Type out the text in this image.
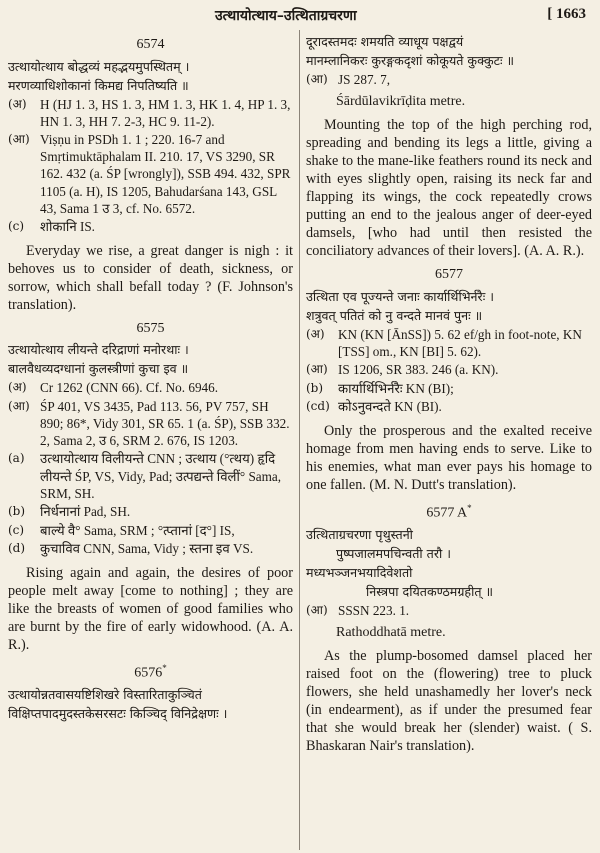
उत्थायोत्थाय–उत्थिताग्रचरणा	[ 1663
6574
उत्थायोत्थाय बोद्धव्यं महद्भयमुपस्थितम् ।
मरणव्याधिशोकानां किमद्य निपतिष्यति ॥
(अ)	H (HJ 1. 3, HS 1. 3, HM 1. 3, HK 1. 4, HP 1. 3, HN 1. 3, HH 7. 2-3, HC 9. 11-2).
(आ) Viṣṇu in PSDh 1. 1 ; 220. 16-7 and Smṛtimuktāphalam II. 210. 17, VS 3290, SR 162. 432 (a. ŚP [wrongly]), SSB 494. 432, SPR 1105 (a. H), IS 1205, Bahudarśana 143, GSL 43, Sama 1 उ 3, cf. No. 6572.
(c)	शोकानि IS.

Everyday we rise, a great danger is nigh : it behoves us to consider of death, sickness, or sorrow, which shall befall today ? (F. Johnson's translation).

6575
उत्थायोत्थाय लीयन्ते दरिद्राणां मनोरथाः ।
बालवैधव्यदग्धानां कुलस्त्रीणां कुचा इव ॥
(अ)	Cr 1262 (CNN 66). Cf. No. 6946.
(आ) ŚP 401, VS 3435, Pad 113. 56, PV 757, SH 890; 86*, Vidy 301, SR 65. 1 (a. ŚP), SSB 332. 2, Sama 2, उ 6, SRM 2. 676, IS 1203.
(a)	उत्थायोत्थाय विलीयन्ते CNN ; उत्थाय (°त्थय) हृदि लीयन्ते ŚP, VS, Vidy, Pad; उत्पद्यन्ते विलीं° Sama, SRM, SH.
(b)	निर्धनानां Pad, SH.
(c)	बाल्ये वै° Sama, SRM ; °त्प्तानां [द°] IS,
(d)	कुचाविव CNN, Sama, Vidy ; स्तना इव VS.

Rising again and again, the desires of poor people melt away [come to nothing] ; they are like the breasts of women of good families who are burnt by the fire of early widowhood. (A. A. R.).

6576*
उत्थायोन्नतवासयष्टिशिखरे विस्तारिताकुञ्चितं
विक्षिप्तपादमुदस्तकेसरसटः किञ्चिद् विनिद्रेक्षणः ।
दूरादस्तमदः शमयति व्याधूय पक्षद्वयं
मानम्लानिकरः कुरङ्गकदृशां कोकूयते कुक्कुटः ॥
(आ) JS 287. 7,
Śārdūlavikrīḍita metre.

Mounting the top of the high perching rod, spreading and bending its legs a little, giving a shake to the mane-like feathers round its neck and with eyes slightly open, raising its neck far and flapping its wings, the cock repeatedly crows putting an end to the jealous anger of deer-eyed damsels, [who had until then resisted the conciliatory advances of their lovers]. (A. A. R.).

6577
उत्थिता एव पूज्यन्ते जनाः कार्यार्थिभिर्नरैः ।
शत्रुवत् पतितं को नु वन्दते मानवं पुनः ॥
(अ)	KN (KN [ĀnSS]) 5. 62 ef/gh in foot-note, KN [TSS] om., KN [BI] 5. 62).
(आ) IS 1206, SR 383. 246 (a. KN).
(b)	कार्यार्थिभिर्नरैः KN (BI);
(cd) कोऽनुवन्दते KN (BI).

Only the prosperous and the exalted receive homage from men having ends to serve. Like to his enemies, what man ever pays his homage to one fallen. (M. N. Dutt's translation).

6577 A*
उत्थिताग्रचरणा पृथुस्तनी
पुष्पजालमपचिन्वती तरौ ।
मध्यभञ्जनभयादिवेशतो
निस्त्रपा दयितकण्ठमग्रहीत् ॥
(आ) SSSN 223. 1.
Rathoddhatā metre.

As the plump-bosomed damsel placed her raised foot on the (flowering) tree to pluck flowers, she held unashamedly her lover's neck (in endearment), as if under the presumed fear that she would break her (slender) waist. ( S. Bhaskaran Nair's translation).
